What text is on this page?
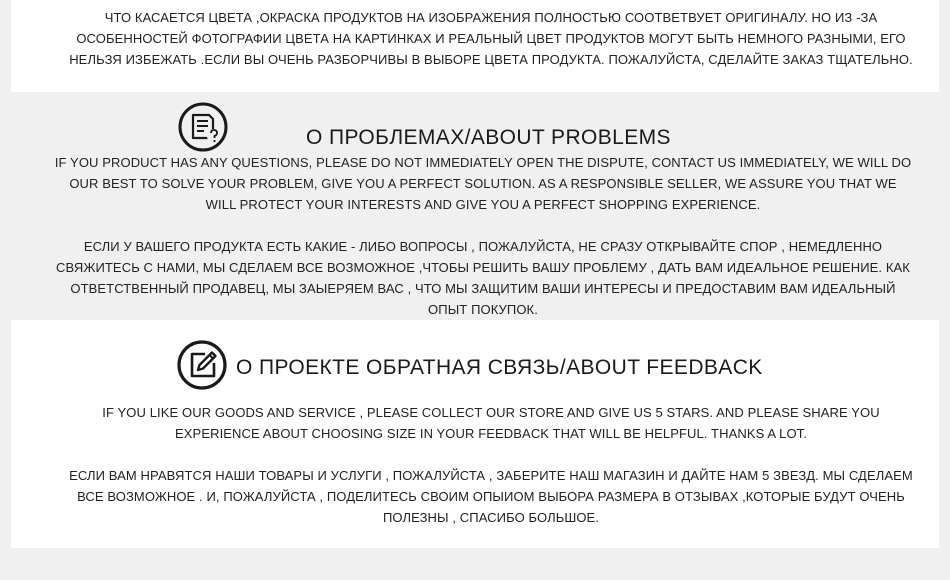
ЧТО КАСАЕТСЯ ЦВЕТА ,ОКРАСКА ПРОДУКТОВ НА ИЗОБРАЖЕНИЯ ПОЛНОСТЬЮ СООТВЕТВУЕТ ОРИГИНАЛУ. НО ИЗ -ЗА ОСОБЕННОСТЕЙ ФОТОГРАФИИ ЦВЕТА НА КАРТИНКАХ И РЕАЛЬНЫЙ ЦВЕТ ПРОДУКТОВ МОГУТ БЫТЬ НЕМНОГО РАЗНЫМИ, ЕГО НЕЛЬЗЯ ИЗБЕЖАТЬ .ЕСЛИ ВЫ ОЧЕНЬ РАЗБОРЧИВЫ В ВЫБОРЕ ЦВЕТА ПРОДУКТА. ПОЖАЛУЙСТА, СДЕЛАЙТЕ ЗАКАЗ ТЩАТЕЛЬНО.

О ПРОБЛЕМАХ/ABOUT PROBLEMS

IF YOU PRODUCT HAS ANY QUESTIONS, PLEASE DO NOT IMMEDIATELY OPEN THE DISPUTE, CONTACT US IMMEDIATELY, WE WILL DO OUR BEST TO SOLVE YOUR PROBLEM, GIVE YOU A PERFECT SOLUTION. AS A RESPONSIBLE SELLER, WE ASSURE YOU THAT WE WILL PROTECT YOUR INTERESTS AND GIVE YOU A PERFECT SHOPPING EXPERIENCE.

ЕСЛИ У ВАШЕГО ПРОДУКТА ЕСТЬ КАКИЕ - ЛИБО ВОПРОСЫ , ПОЖАЛУЙСТА, НЕ СРАЗУ ОТКРЫВАЙТЕ СПОР , НЕМЕДЛЕННО СВЯЖИТЕСЬ С НАМИ, МЫ СДЕЛАЕМ ВСЕ ВОЗМОЖНОЕ ,ЧТОБЫ РЕШИТЬ ВАШУ ПРОБЛЕМУ , ДАТЬ ВАМ ИДЕАЛЬНОЕ РЕШЕНИЕ. КАК ОТВЕТСТВЕННЫЙ ПРОДАВЕЦ, МЫ ЗАЫЕРЯЕМ ВАС , ЧТО МЫ ЗАЩИТИМ ВАШИ ИНТЕРЕСЫ И ПРЕДОСТАВИМ ВАМ ИДЕАЛЬНЫЙ ОПЫТ ПОКУПОК.

О ПРОЕКТЕ ОБРАТНАЯ СВЯЗЬ/ABOUT FEEDBACK

IF YOU LIKE OUR GOODS AND SERVICE , PLEASE COLLECT OUR STORE AND GIVE US 5 STARS. AND PLEASE SHARE YOU EXPERIENCE ABOUT CHOOSING SIZE IN YOUR FEEDBACK THAT WILL BE HELPFUL. THANKS A LOT.

ЕСЛИ ВАМ НРАВЯТСЯ НАШИ ТОВАРЫ И УСЛУГИ , ПОЖАЛУЙСТА , ЗАБЕРИТЕ НАШ МАГАЗИН И ДАЙТЕ НАМ 5 ЗВЕЗД. МЫ СДЕЛАЕМ ВСЕ ВОЗМОЖНОЕ . И, ПОЖАЛУЙСТА , ПОДЕЛИТЕСЬ СВОИМ ОПЫИОМ ВЫБОРА РАЗМЕРА В ОТЗЫВАХ ,КОТОРЫЕ БУДУТ ОЧЕНЬ ПОЛЕЗНЫ , СПАСИБО БОЛЬШОЕ.
